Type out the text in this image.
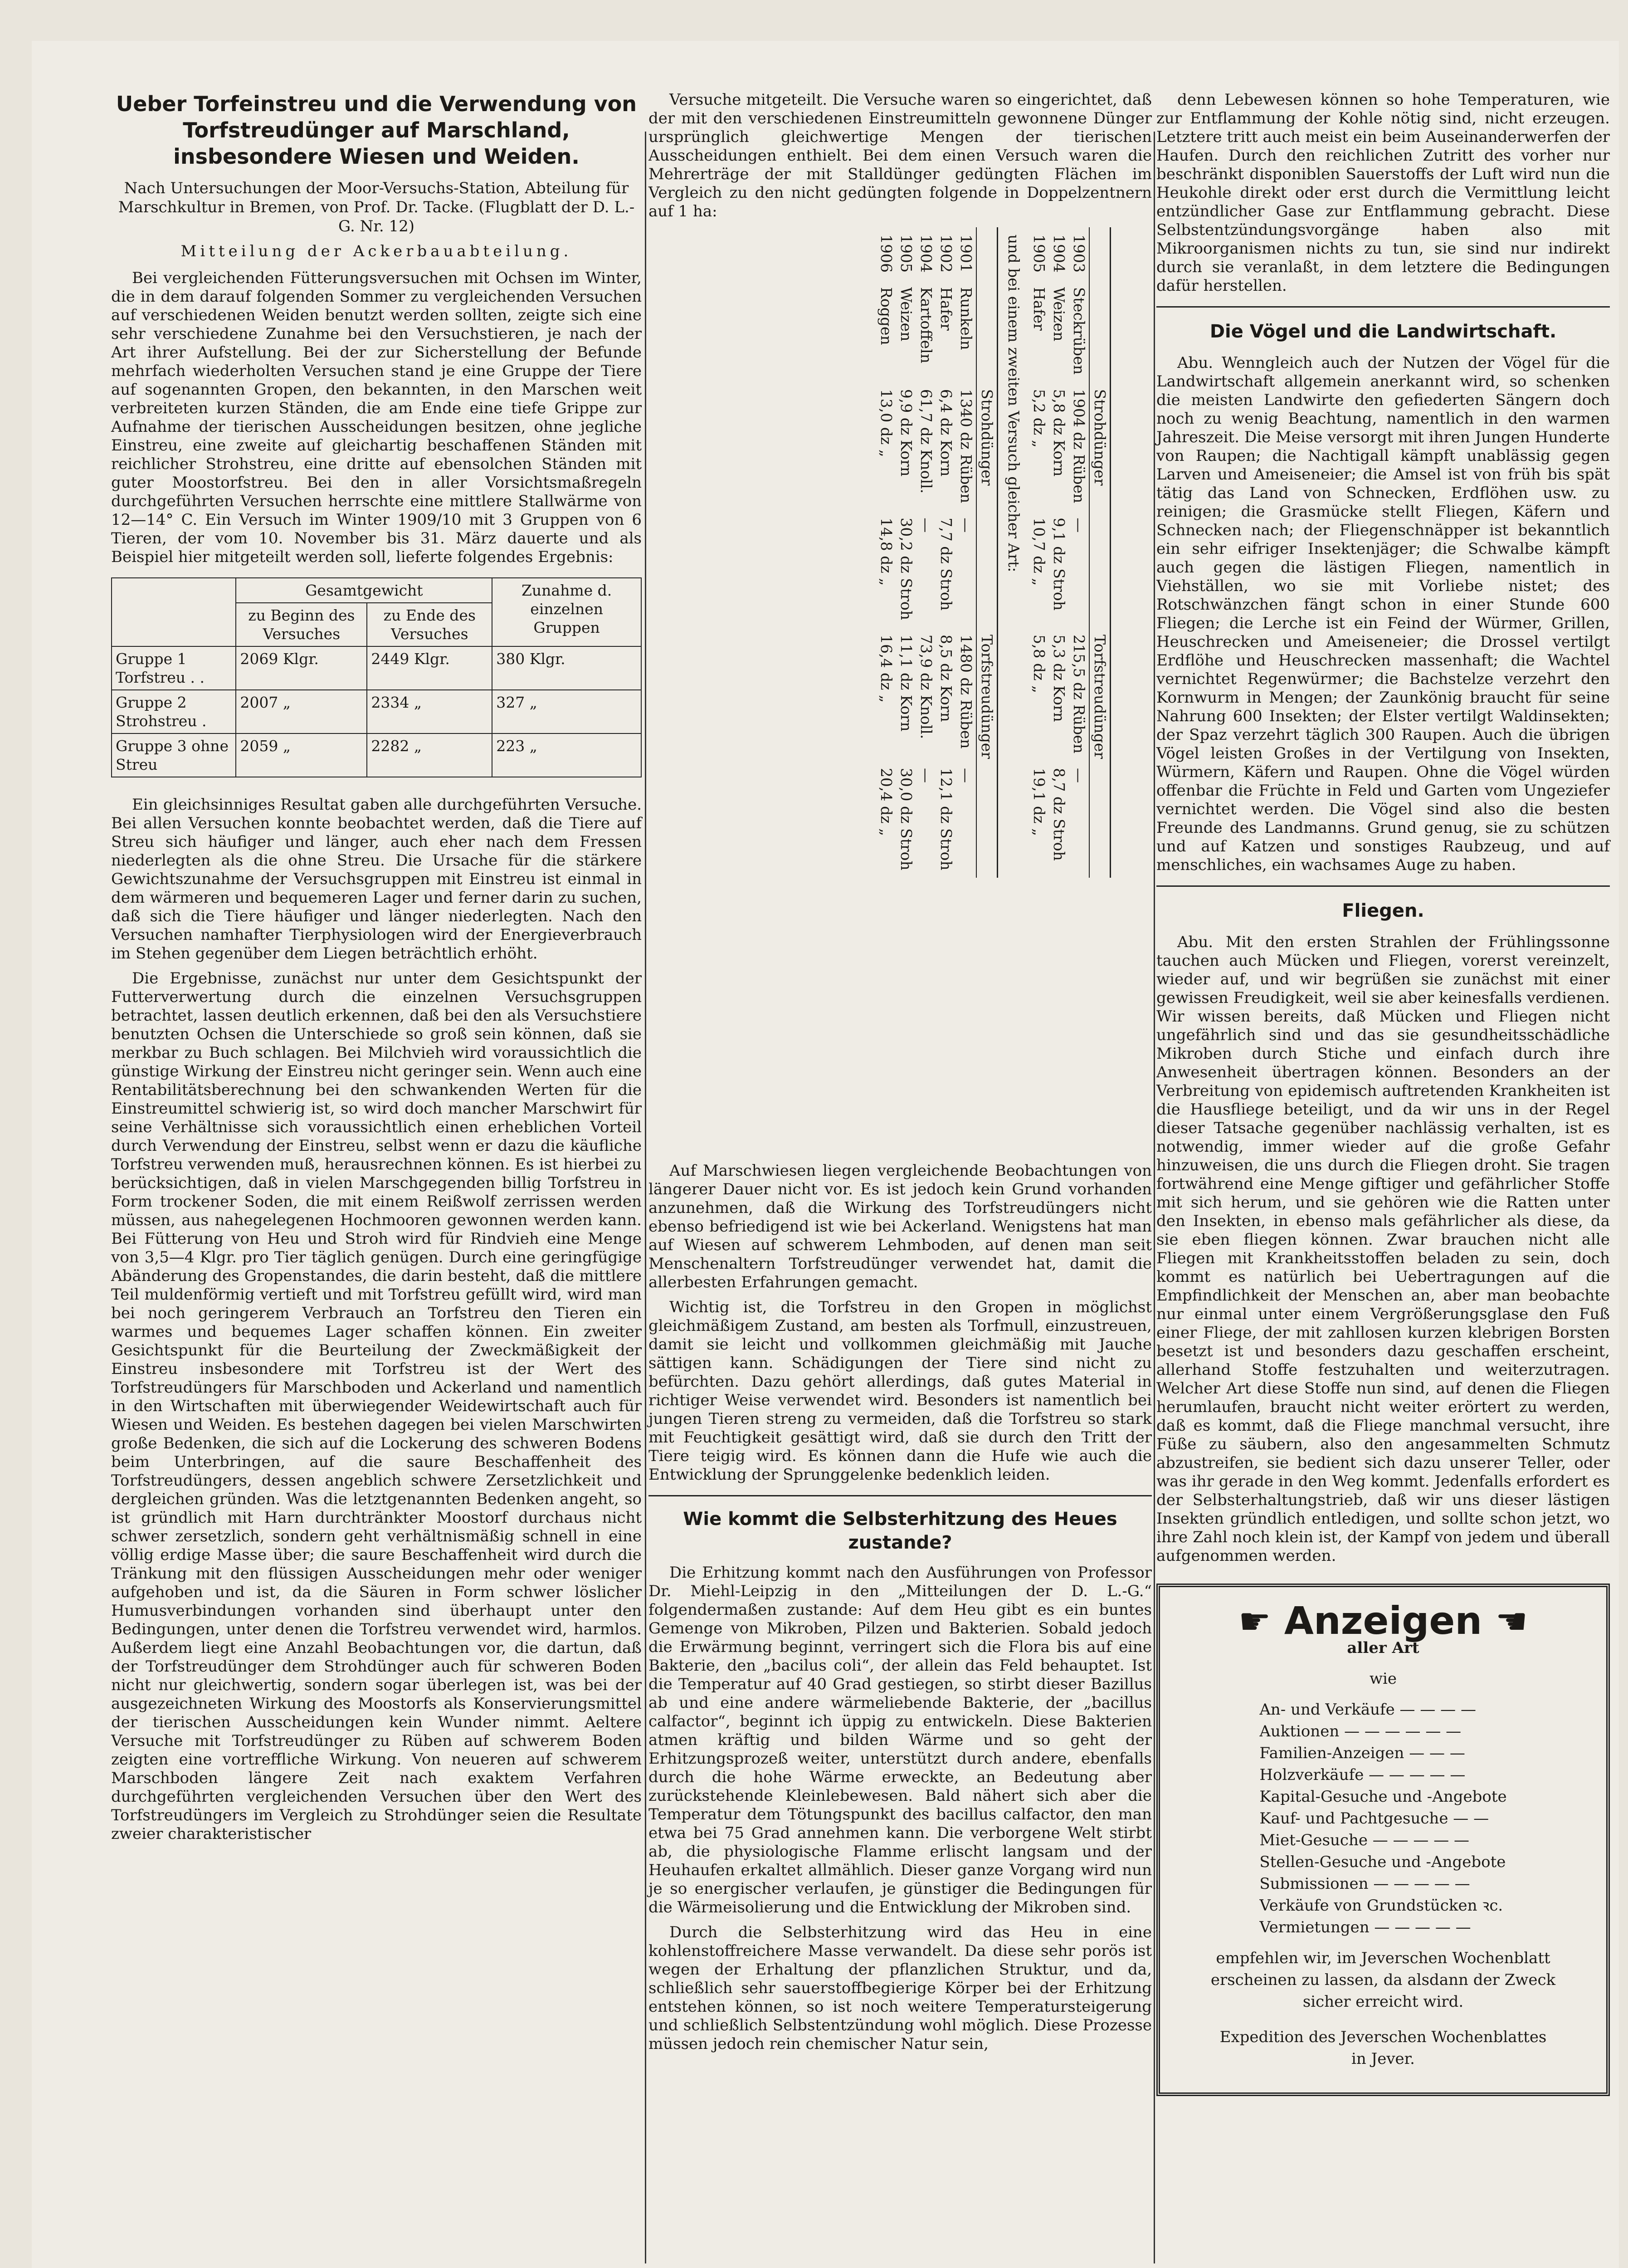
Ueber Torfeinstreu und die Verwendung von Torfstreudünger auf Marschland, insbesondere Wiesen und Weiden.
Nach Untersuchungen der Moor-Versuchs-Station, Abteilung für Marschkultur in Bremen, von Prof. Dr. Tacke. (Flugblatt der D. L.-G. Nr. 12)
Mitteilung der Ackerbauabteilung.

Bei vergleichenden Fütterungsversuchen mit Ochsen im Winter, die in dem darauf folgenden Sommer zu vergleichenden Versuchen auf verschiedenen Weiden benutzt werden sollten, zeigte sich eine sehr verschiedene Zunahme bei den Versuchstieren, je nach der Art ihrer Aufstellung. Bei der zur Sicherstellung der Befunde mehrfach wiederholten Versuchen stand je eine Gruppe der Tiere auf sogenannten Gropen, den bekannten, in den Marschen weit verbreiteten kurzen Ständen, die am Ende eine tiefe Grippe zur Aufnahme der tierischen Ausscheidungen besitzen, ohne jegliche Einstreu, eine zweite auf gleichartig beschaffenen Ständen mit reichlicher Strohstreu, eine dritte auf ebensolchen Ständen mit guter Moostorfstreu. Bei den in aller Vorsichtsmaßregeln durchgeführten Versuchen herrschte eine mittlere Stallwärme von 12—14° C. Ein Versuch im Winter 1909/10 mit 3 Gruppen von 6 Tieren, der vom 10. November bis 31. März dauerte und als Beispiel hier mitgeteilt werden soll, lieferte folgendes Ergebnis:

	Gesamtgewicht		Zunahme d. einzelnen Gruppen
	zu Beginn des Versuches	zu Ende des Versuches	
Gruppe 1 Torfstreu . .	2069 Klgr.	2449 Klgr.	380 Klgr.
Gruppe 2 Strohstreu .	2007 „	2334 „	327 „
Gruppe 3 ohne Streu	2059 „	2282 „	223 „

Ein gleichsinniges Resultat gaben alle durchgeführten Versuche. Bei allen Versuchen konnte beobachtet werden, daß die Tiere auf Streu sich häufiger und länger, auch eher nach dem Fressen niederlegten als die ohne Streu. Die Ursache für die stärkere Gewichtszunahme der Versuchsgruppen mit Einstreu ist einmal in dem wärmeren und bequemeren Lager und ferner darin zu suchen, daß sich die Tiere häufiger und länger niederlegten. Nach den Versuchen namhafter Tierphysiologen wird der Energieverbrauch im Stehen gegenüber dem Liegen beträchtlich erhöht.

Die Ergebnisse, zunächst nur unter dem Gesichtspunkt der Futterverwertung durch die einzelnen Versuchsgruppen betrachtet, lassen deutlich erkennen, daß bei den als Versuchstiere benutzten Ochsen die Unterschiede so groß sein können, daß sie merkbar zu Buch schlagen. Bei Milchvieh wird voraussichtlich die günstige Wirkung der Einstreu nicht geringer sein. Wenn auch eine Rentabilitätsberechnung bei den schwankenden Werten für die Einstreumittel schwierig ist, so wird doch mancher Marschwirt für seine Verhältnisse sich voraussichtlich einen erheblichen Vorteil durch Verwendung der Einstreu, selbst wenn er dazu die käufliche Torfstreu verwenden muß, herausrechnen können. Es ist hierbei zu berücksichtigen, daß in vielen Marschgegenden billig Torfstreu in Form trockener Soden, die mit einem Reißwolf zerrissen werden müssen, aus nahegelegenen Hochmooren gewonnen werden kann. Bei Fütterung von Heu und Stroh wird für Rindvieh eine Menge von 3,5—4 Klgr. pro Tier täglich genügen. Durch eine geringfügige Abänderung des Gropenstandes, die darin besteht, daß die mittlere Teil muldenförmig vertieft und mit Torfstreu gefüllt wird, wird man bei noch geringerem Verbrauch an Torfstreu den Tieren ein warmes und bequemes Lager schaffen können. Ein zweiter Gesichtspunkt für die Beurteilung der Zweckmäßigkeit der Einstreu insbesondere mit Torfstreu ist der Wert des Torfstreudüngers für Marschboden und Ackerland und namentlich in den Wirtschaften mit überwiegender Weidewirtschaft auch für Wiesen und Weiden. Es bestehen dagegen bei vielen Marschwirten große Bedenken, die sich auf die Lockerung des schweren Bodens beim Unterbringen, auf die saure Beschaffenheit des Torfstreudüngers, dessen angeblich schwere Zersetzlichkeit und dergleichen gründen. Was die letztgenannten Bedenken angeht, so ist gründlich mit Harn durchtränkter Moostorf durchaus nicht schwer zersetzlich, sondern geht verhältnismäßig schnell in eine völlig erdige Masse über; die saure Beschaffenheit wird durch die Tränkung mit den flüssigen Ausscheidungen mehr oder weniger aufgehoben und ist, da die Säuren in Form schwer löslicher Humusverbindungen vorhanden sind überhaupt unter den Bedingungen, unter denen die Torfstreu verwendet wird, harmlos. Außerdem liegt eine Anzahl Beobachtungen vor, die dartun, daß der Torfstreudünger dem Strohdünger auch für schweren Boden nicht nur gleichwertig, sondern sogar überlegen ist, was bei der ausgezeichneten Wirkung des Moostorfs als Konservierungsmittel der tierischen Ausscheidungen kein Wunder nimmt. Aeltere Versuche mit Torfstreudünger zu Rüben auf schwerem Boden zeigten eine vortreffliche Wirkung. Von neueren auf schwerem Marschboden längere Zeit nach exaktem Verfahren durchgeführten vergleichenden Versuchen über den Wert des Torfstreudüngers im Vergleich zu Strohdünger seien die Resultate zweier charakteristischer

Versuche mitgeteilt. Die Versuche waren so eingerichtet, daß der mit den verschiedenen Einstreumitteln gewonnene Dünger ursprünglich gleichwertige Mengen der tierischen Ausscheidungen enthielt. Bei dem einen Versuch waren die Mehrerträge der mit Stalldünger gedüngten Flächen im Vergleich zu den nicht gedüngten folgende in Doppelzentnern auf 1 ha:

		Strohdünger		Torfstreudünger	
1903	Steckrüben	1904 dz Rüben	—	215,5 dz Rüben	—
1904	Weizen	5,8 dz Korn	9,1 dz Stroh	5,3 dz Korn	8,7 dz Stroh
1905	Hafer	5,2 dz „	10,7 dz „	5,8 dz „	19,1 dz „
und bei einem zweiten Versuch gleicher Art:					
		Strohdünger		Torfstreudünger	
1901	Runkeln	1340 dz Rüben	—	1480 dz Rüben	—
1902	Hafer	6,4 dz Korn	7,7 dz Stroh	8,5 dz Korn	12,1 dz Stroh
1904	Kartoffeln	61,7 dz Knoll.	—	73,9 dz Knoll.	—
1905	Weizen	9,9 dz Korn	30,2 dz Stroh	11,1 dz Korn	30,0 dz Stroh
1906	Roggen	13,0 dz „	14,8 dz „	16,4 dz „	20,4 dz „

Auf Marschwiesen liegen vergleichende Beobachtungen von längerer Dauer nicht vor. Es ist jedoch kein Grund vorhanden anzunehmen, daß die Wirkung des Torfstreudüngers nicht ebenso befriedigend ist wie bei Ackerland. Wenigstens hat man auf Wiesen auf schwerem Lehmboden, auf denen man seit Menschenaltern Torfstreudünger verwendet hat, damit die allerbesten Erfahrungen gemacht.

Wichtig ist, die Torfstreu in den Gropen in möglichst gleichmäßigem Zustand, am besten als Torfmull, einzustreuen, damit sie leicht und vollkommen gleichmäßig mit Jauche sättigen kann. Schädigungen der Tiere sind nicht zu befürchten. Dazu gehört allerdings, daß gutes Material in richtiger Weise verwendet wird. Besonders ist namentlich bei jungen Tieren streng zu vermeiden, daß die Torfstreu so stark mit Feuchtigkeit gesättigt wird, daß sie durch den Tritt der Tiere teigig wird. Es können dann die Hufe wie auch die Entwicklung der Sprunggelenke bedenklich leiden.

Wie kommt die Selbsterhitzung des Heues zustande?

Die Erhitzung kommt nach den Ausführungen von Professor Dr. Miehl-Leipzig in den „Mitteilungen der D. L.-G.“ folgendermaßen zustande: Auf dem Heu gibt es ein buntes Gemenge von Mikroben, Pilzen und Bakterien. Sobald jedoch die Erwärmung beginnt, verringert sich die Flora bis auf eine Bakterie, den „bacilus coli“, der allein das Feld behauptet. Ist die Temperatur auf 40 Grad gestiegen, so stirbt dieser Bazillus ab und eine andere wärmeliebende Bakterie, der „bacillus calfactor“, beginnt ich üppig zu entwickeln. Diese Bakterien atmen kräftig und bilden Wärme und so geht der Erhitzungsprozeß weiter, unterstützt durch andere, ebenfalls durch die hohe Wärme erweckte, an Bedeutung aber zurückstehende Kleinlebewesen. Bald nähert sich aber die Temperatur dem Tötungspunkt des bacillus calfactor, den man etwa bei 75 Grad annehmen kann. Die verborgene Welt stirbt ab, die physiologische Flamme erlischt langsam und der Heuhaufen erkaltet allmählich. Dieser ganze Vorgang wird nun je so energischer verlaufen, je günstiger die Bedingungen für die Wärmeisolierung und die Entwicklung der Mikroben sind.

Durch die Selbsterhitzung wird das Heu in eine kohlenstoffreichere Masse verwandelt. Da diese sehr porös ist wegen der Erhaltung der pflanzlichen Struktur, und da, schließlich sehr sauerstoffbegierige Körper bei der Erhitzung entstehen können, so ist noch weitere Temperatursteigerung und schließlich Selbstentzündung wohl möglich. Diese Prozesse müssen jedoch rein chemischer Natur sein,

denn Lebewesen können so hohe Temperaturen, wie zur Entflammung der Kohle nötig sind, nicht erzeugen. Letztere tritt auch meist ein beim Auseinanderwerfen der Haufen. Durch den reichlichen Zutritt des vorher nur beschränkt disponiblen Sauerstoffs der Luft wird nun die Heukohle direkt oder erst durch die Vermittlung leicht entzündlicher Gase zur Entflammung gebracht. Diese Selbstentzündungsvorgänge haben also mit Mikroorganismen nichts zu tun, sie sind nur indirekt durch sie veranlaßt, in dem letztere die Bedingungen dafür herstellen.

Die Vögel und die Landwirtschaft.

Abu. Wenngleich auch der Nutzen der Vögel für die Landwirtschaft allgemein anerkannt wird, so schenken die meisten Landwirte den gefiederten Sängern doch noch zu wenig Beachtung, namentlich in den warmen Jahreszeit. Die Meise versorgt mit ihren Jungen Hunderte von Raupen; die Nachtigall kämpft unablässig gegen Larven und Ameiseneier; die Amsel ist von früh bis spät tätig das Land von Schnecken, Erdflöhen usw. zu reinigen; die Grasmücke stellt Fliegen, Käfern und Schnecken nach; der Fliegenschnäpper ist bekanntlich ein sehr eifriger Insektenjäger; die Schwalbe kämpft auch gegen die lästigen Fliegen, namentlich in Viehställen, wo sie mit Vorliebe nistet; des Rotschwänzchen fängt schon in einer Stunde 600 Fliegen; die Lerche ist ein Feind der Würmer, Grillen, Heuschrecken und Ameiseneier; die Drossel vertilgt Erdflöhe und Heuschrecken massenhaft; die Wachtel vernichtet Regenwürmer; die Bachstelze verzehrt den Kornwurm in Mengen; der Zaunkönig braucht für seine Nahrung 600 Insekten; der Elster vertilgt Waldinsekten; der Spaz verzehrt täglich 300 Raupen. Auch die übrigen Vögel leisten Großes in der Vertilgung von Insekten, Würmern, Käfern und Raupen. Ohne die Vögel würden offenbar die Früchte in Feld und Garten vom Ungeziefer vernichtet werden. Die Vögel sind also die besten Freunde des Landmanns. Grund genug, sie zu schützen und auf Katzen und sonstiges Raubzeug, und auf menschliches, ein wachsames Auge zu haben.

Fliegen.

Abu. Mit den ersten Strahlen der Frühlingssonne tauchen auch Mücken und Fliegen, vorerst vereinzelt, wieder auf, und wir begrüßen sie zunächst mit einer gewissen Freudigkeit, weil sie aber keinesfalls verdienen. Wir wissen bereits, daß Mücken und Fliegen nicht ungefährlich sind und das sie gesundheitsschädliche Mikroben durch Stiche und einfach durch ihre Anwesenheit übertragen können. Besonders an der Verbreitung von epidemisch auftretenden Krankheiten ist die Hausfliege beteiligt, und da wir uns in der Regel dieser Tatsache gegenüber nachlässig verhalten, ist es notwendig, immer wieder auf die große Gefahr hinzuweisen, die uns durch die Fliegen droht. Sie tragen fortwährend eine Menge giftiger und gefährlicher Stoffe mit sich herum, und sie gehören wie die Ratten unter den Insekten, in ebenso mals gefährlicher als diese, da sie eben fliegen können. Zwar brauchen nicht alle Fliegen mit Krankheitsstoffen beladen zu sein, doch kommt es natürlich bei Uebertragungen auf die Empfindlichkeit der Menschen an, aber man beobachte nur einmal unter einem Vergrößerungsglase den Fuß einer Fliege, der mit zahllosen kurzen klebrigen Borsten besetzt ist und besonders dazu geschaffen erscheint, allerhand Stoffe festzuhalten und weiterzutragen. Welcher Art diese Stoffe nun sind, auf denen die Fliegen herumlaufen, braucht nicht weiter erörtert zu werden, daß es kommt, daß die Fliege manchmal versucht, ihre Füße zu säubern, also den angesammelten Schmutz abzustreifen, sie bedient sich dazu unserer Teller, oder was ihr gerade in den Weg kommt. Jedenfalls erfordert es der Selbsterhaltungstrieb, daß wir uns dieser lästigen Insekten gründlich entledigen, und sollte schon jetzt, wo ihre Zahl noch klein ist, der Kampf von jedem und überall aufgenommen werden.

☛ Anzeigen ☚
aller Art
wie
An- und Verkäufe — — — —
Auktionen — — — — — —
Familien-Anzeigen — — —
Holzverkäufe — — — — —
Kapital-Gesuche und -Angebote
Kauf- und Pachtgesuche — —
Miet-Gesuche — — — — —
Stellen-Gesuche und -Angebote
Submissionen — — — — —
Verkäufe von Grundstücken ꝛc.
Vermietungen — — — — —
empfehlen wir, im Jeverschen Wochenblatt
erscheinen zu lassen, da alsdann der Zweck
sicher erreicht wird.
Expedition des Jeverschen Wochenblattes
in Jever.
